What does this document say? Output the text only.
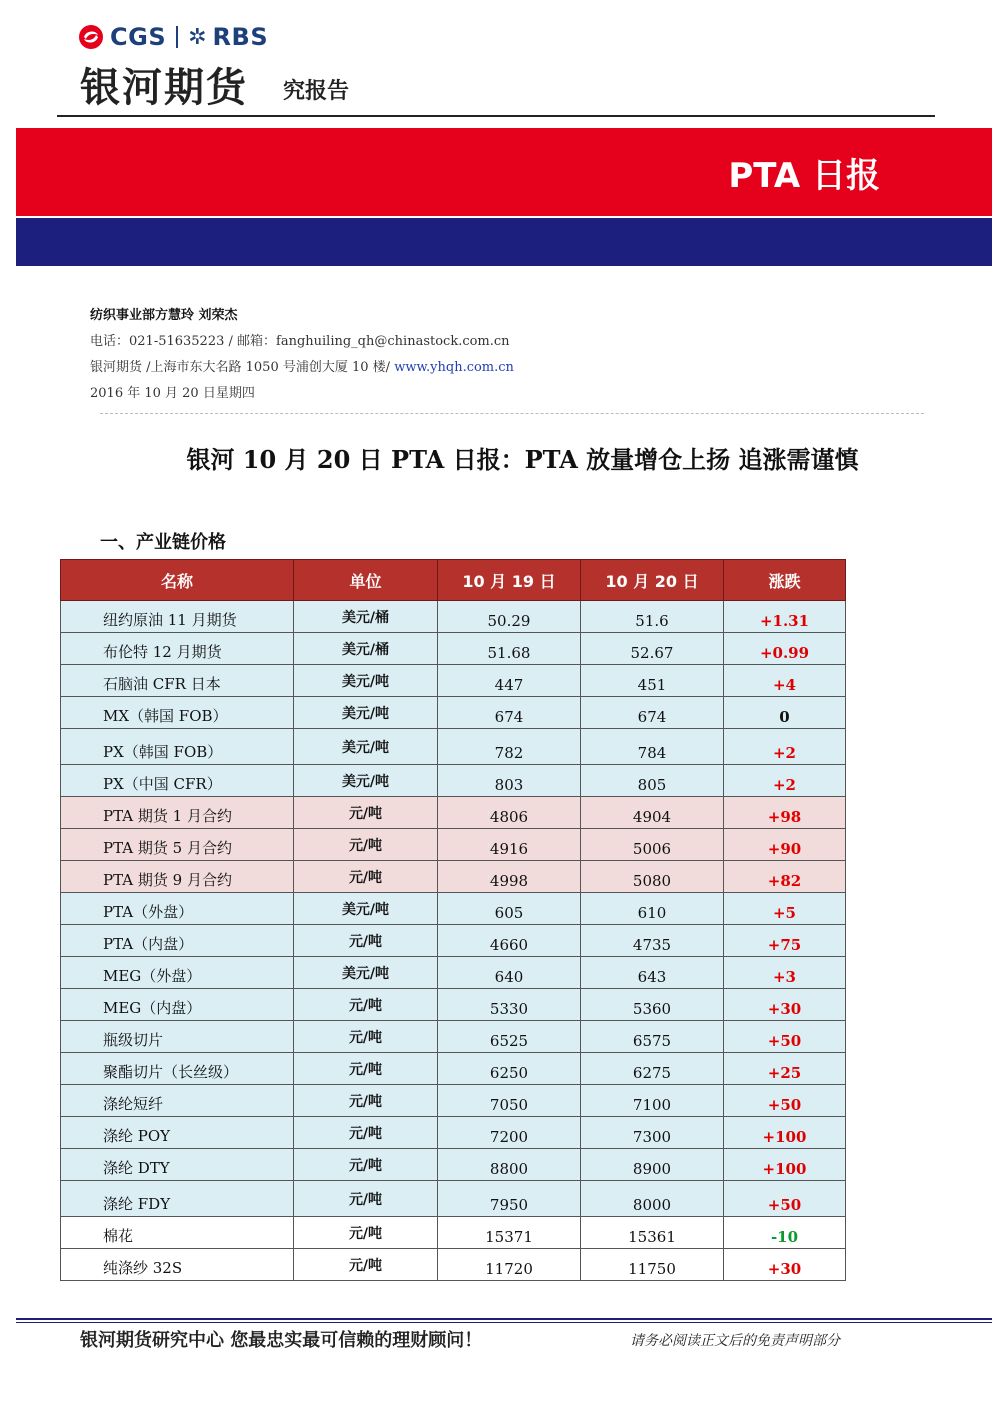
CGS ✲ RBS
银河期货 究报告
PTA 日报
纺织事业部方慧玲 刘荣杰
电话：021-51635223 / 邮箱：fanghuiling_qh@chinastock.com.cn
银河期货 /上海市东大名路 1050 号浦创大厦 10 楼/ www.yhqh.com.cn
2016 年 10 月 20 日星期四
银河 10 月 20 日 PTA 日报：PTA 放量增仓上扬 追涨需谨慎
一、产业链价格
名称	单位	10 月 19 日	10 月 20 日	涨跌
纽约原油 11 月期货	美元/桶	50.29	51.6	+1.31
布伦特 12 月期货	美元/桶	51.68	52.67	+0.99
石脑油 CFR 日本	美元/吨	447	451	+4
MX（韩国 FOB）	美元/吨	674	674	0
PX（韩国 FOB）	美元/吨	782	784	+2
PX（中国 CFR）	美元/吨	803	805	+2
PTA 期货 1 月合约	元/吨	4806	4904	+98
PTA 期货 5 月合约	元/吨	4916	5006	+90
PTA 期货 9 月合约	元/吨	4998	5080	+82
PTA（外盘）	美元/吨	605	610	+5
PTA（内盘）	元/吨	4660	4735	+75
MEG（外盘）	美元/吨	640	643	+3
MEG（内盘）	元/吨	5330	5360	+30
瓶级切片	元/吨	6525	6575	+50
聚酯切片（长丝级）	元/吨	6250	6275	+25
涤纶短纤	元/吨	7050	7100	+50
涤纶 POY	元/吨	7200	7300	+100
涤纶 DTY	元/吨	8800	8900	+100
涤纶 FDY	元/吨	7950	8000	+50
棉花	元/吨	15371	15361	-10
纯涤纱 32S	元/吨	11720	11750	+30
银河期货研究中心 您最忠实最可信赖的理财顾问！	请务必阅读正文后的免责声明部分
